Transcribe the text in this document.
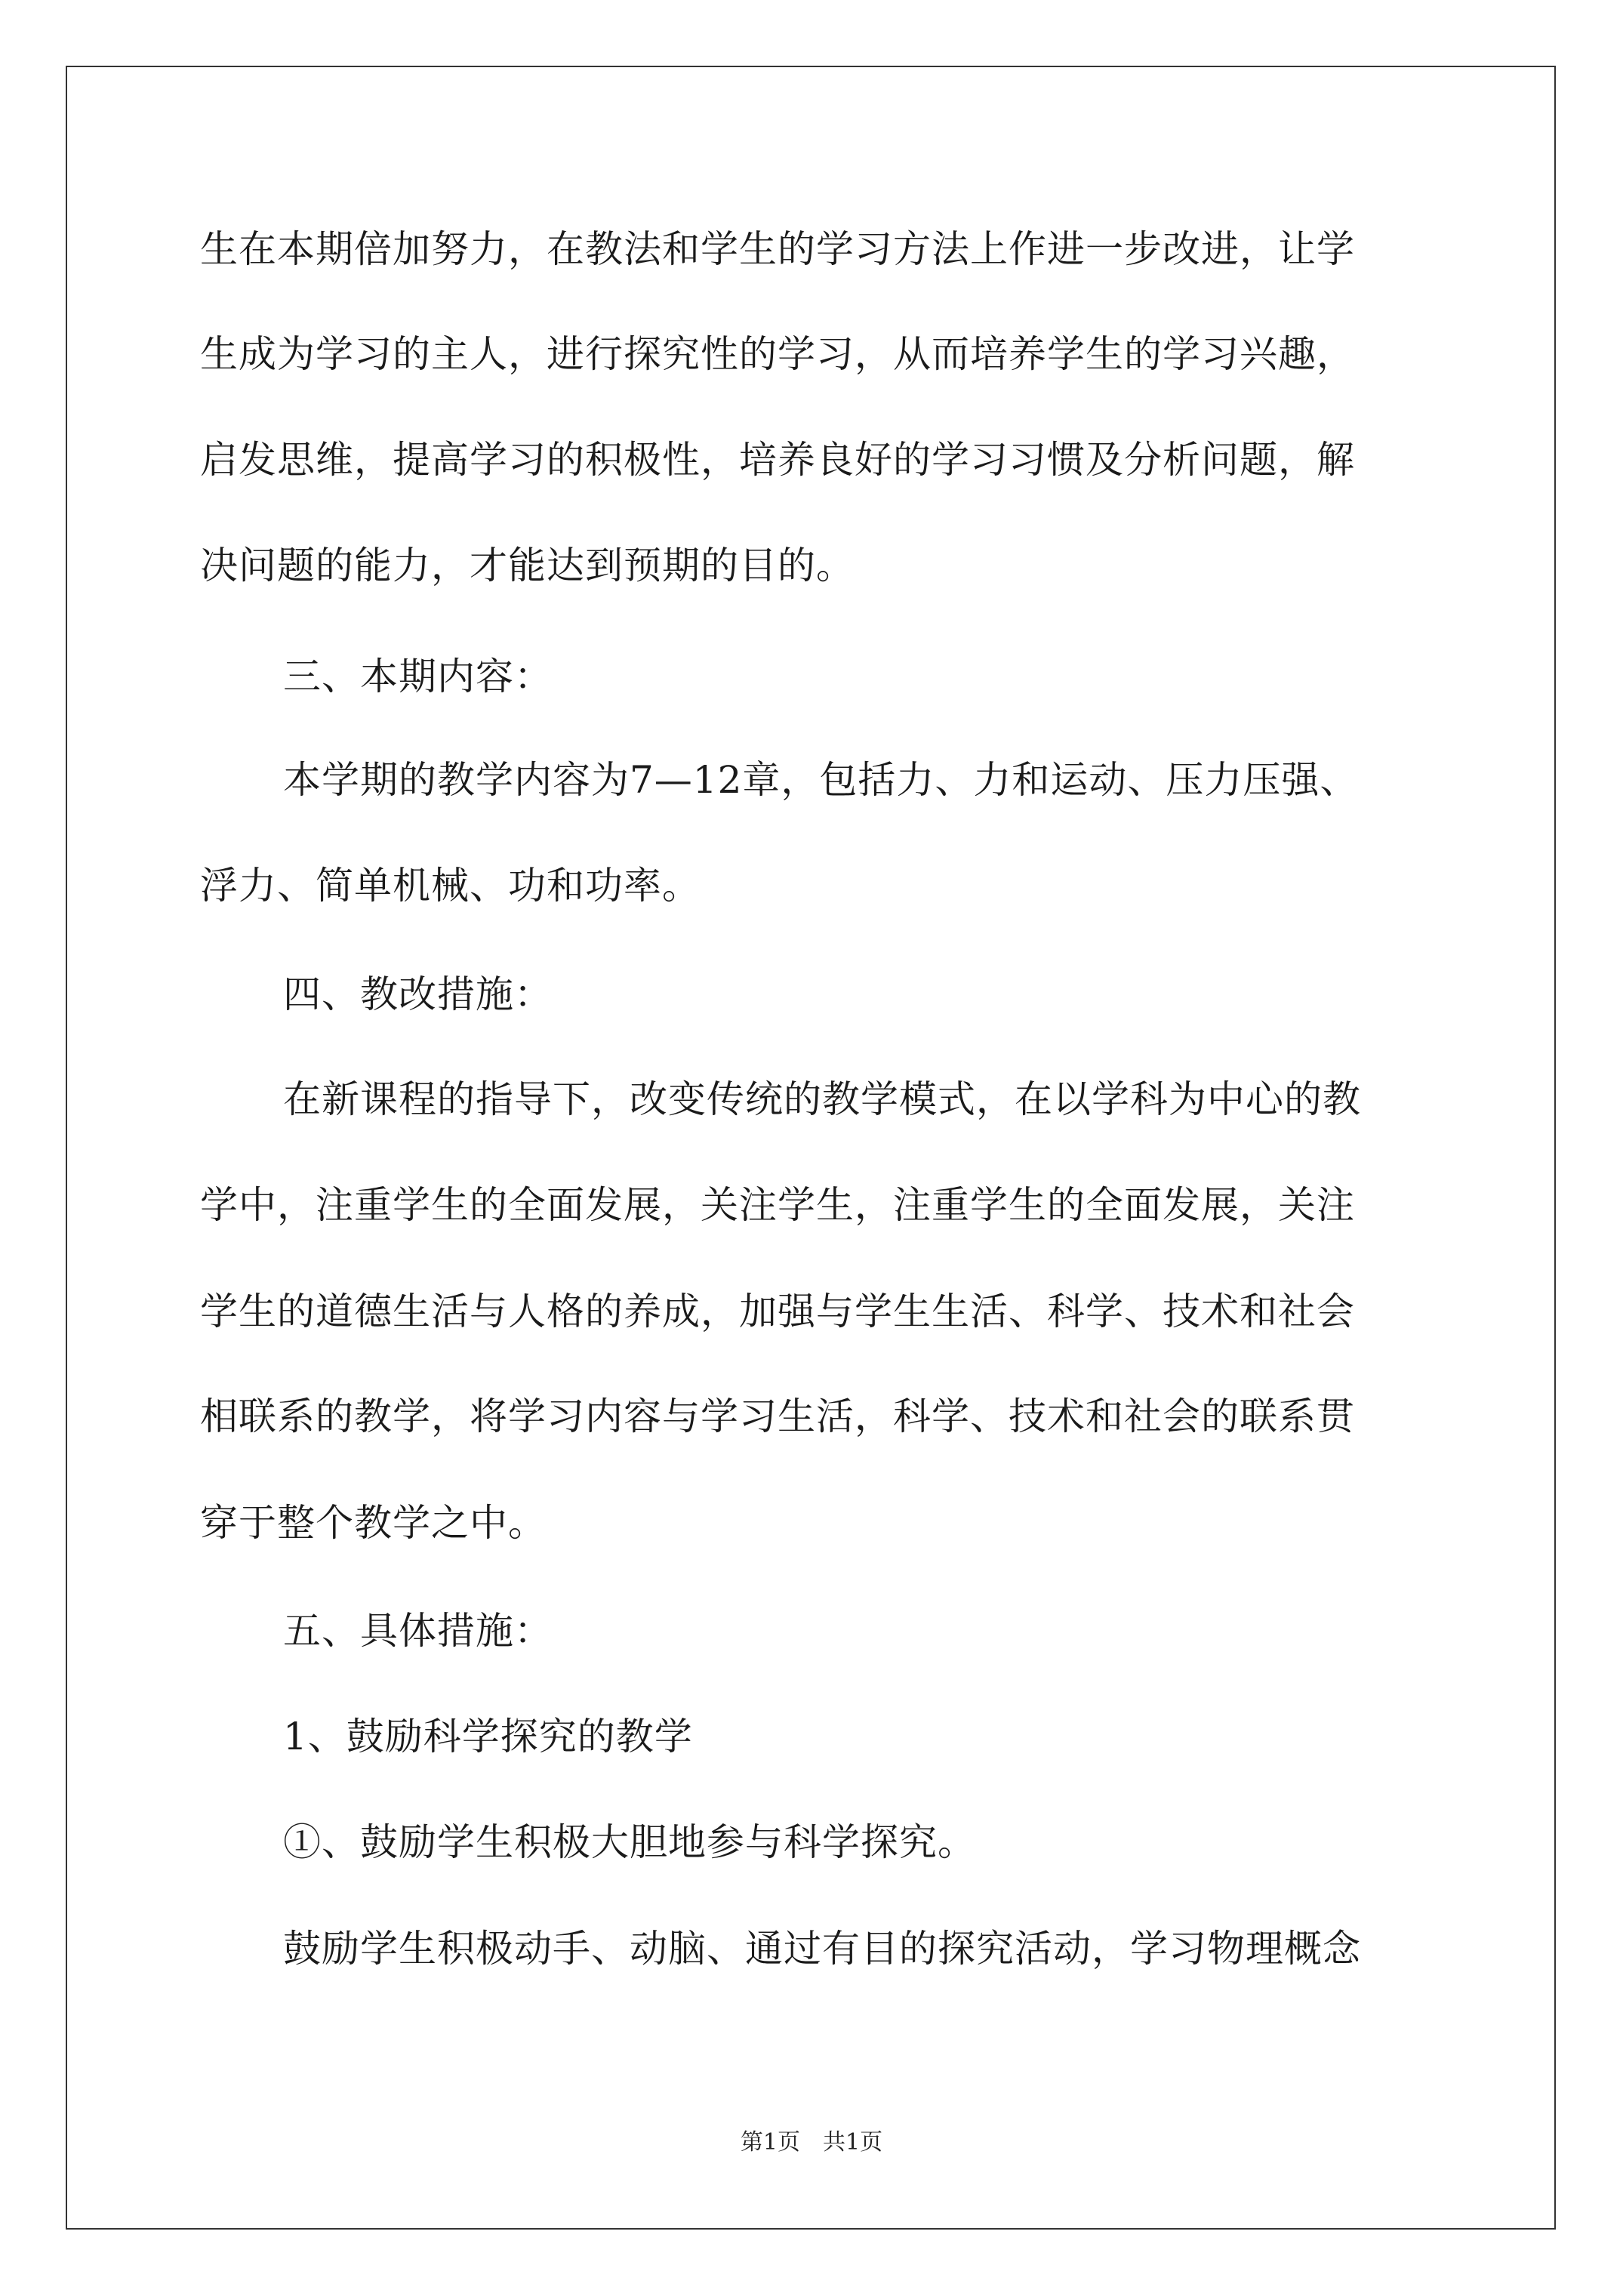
生在本期倍加努力，在教法和学生的学习方法上作进一步改进，让学
生成为学习的主人，进行探究性的学习，从而培养学生的学习兴趣，
启发思维，提高学习的积极性，培养良好的学习习惯及分析问题，解
决问题的能力，才能达到预期的目的。
三、本期内容：
本学期的教学内容为7—12章，包括力、力和运动、压力压强、
浮力、简单机械、功和功率。
四、教改措施：
在新课程的指导下，改变传统的教学模式，在以学科为中心的教
学中，注重学生的全面发展，关注学生，注重学生的全面发展，关注
学生的道德生活与人格的养成，加强与学生生活、科学、技术和社会
相联系的教学，将学习内容与学习生活，科学、技术和社会的联系贯
穿于整个教学之中。
五、具体措施：
1、鼓励科学探究的教学
①、鼓励学生积极大胆地参与科学探究。
鼓励学生积极动手、动脑、通过有目的探究活动，学习物理概念
第1页　共1页
